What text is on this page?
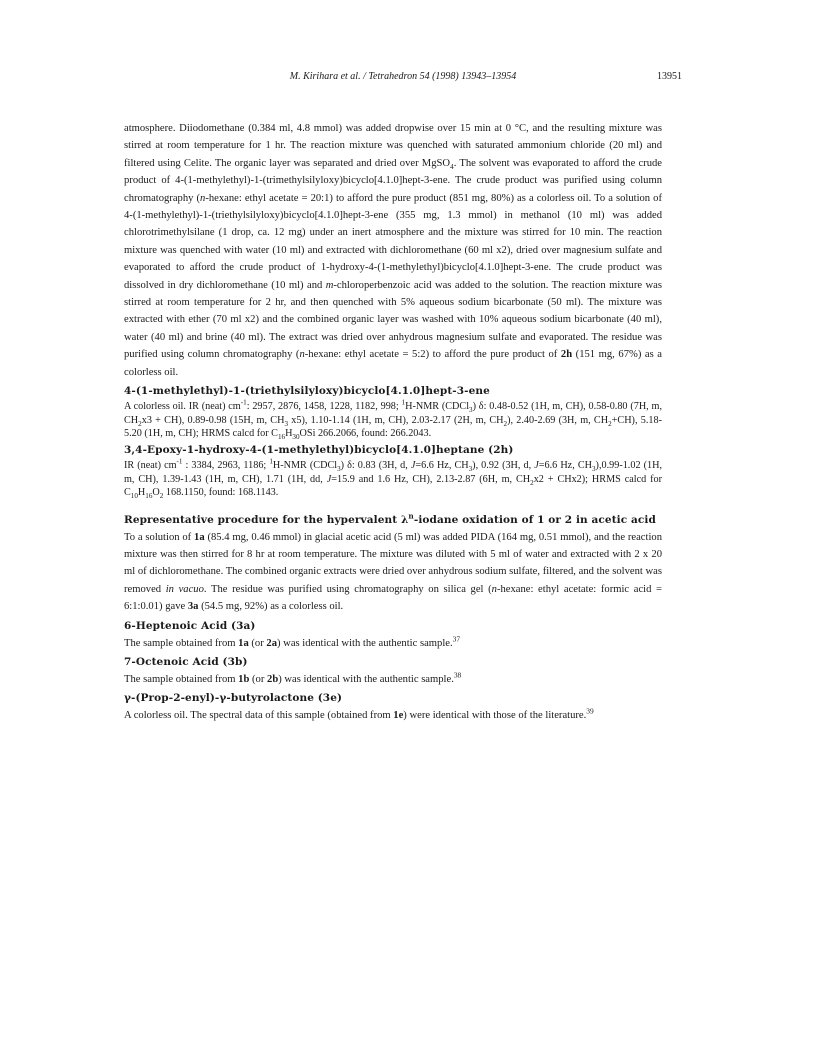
M. Kirihara et al. / Tetrahedron 54 (1998) 13943–13954	13951

atmosphere. Diiodomethane (0.384 ml, 4.8 mmol) was added dropwise over 15 min at 0 °C, and the resulting mixture was stirred at room temperature for 1 hr. The reaction mixture was quenched with saturated ammonium chloride (20 ml) and filtered using Celite. The organic layer was separated and dried over MgSO$_4$. The solvent was evaporated to afford the crude product of 4-(1-methylethyl)-1-(trimethylsilyloxy)bicyclo[4.1.0]hept-3-ene. The crude product was purified using column chromatography (n-hexane: ethyl acetate = 20:1) to afford the pure product (851 mg, 80%) as a colorless oil. To a solution of 4-(1-methylethyl)-1-(triethylsilyloxy)bicyclo[4.1.0]hept-3-ene (355 mg, 1.3 mmol) in methanol (10 ml) was added chlorotrimethylsilane (1 drop, ca. 12 mg) under an inert atmosphere and the mixture was stirred for 10 min. The reaction mixture was quenched with water (10 ml) and extracted with dichloromethane (60 ml x2), dried over magnesium sulfate and evaporated to afford the crude product of 1-hydroxy-4-(1-methylethyl)bicyclo[4.1.0]hept-3-ene. The crude product was dissolved in dry dichloromethane (10 ml) and m-chloroperbenzoic acid was added to the solution. The reaction mixture was stirred at room temperature for 2 hr, and then quenched with 5% aqueous sodium bicarbonate (50 ml). The mixture was extracted with ether (70 ml x2) and the combined organic layer was washed with 10% aqueous sodium bicarbonate (40 ml), water (40 ml) and brine (40 ml). The extract was dried over anhydrous magnesium sulfate and evaporated. The residue was purified using column chromatography (n-hexane: ethyl acetate = 5:2) to afford the pure product of 2h (151 mg, 67%) as a colorless oil.

4-(1-methylethyl)-1-(triethylsilyloxy)bicyclo[4.1.0]hept-3-ene

A colorless oil. IR (neat) $cm^{-1}$: 2957, 2876, 1458, 1228, 1182, 998; $^1$H-NMR (CDCl$_3$) δ: 0.48-0.52 (1H, m, CH), 0.58-0.80 (7H, m, $CH_2x3 + CH$), 0.89-0.98 (15H, m, $CH_3$ x5), 1.10-1.14 (1H, m, CH), 2.03-2.17 (2H, m, $CH_2$), 2.40-2.69 (3H, m, $CH_2+CH$), 5.18-5.20 (1H, m, CH); HRMS calcd for $C_{16}H_{30}OSi$ 266.2066, found: 266.2043.

3,4-Epoxy-1-hydroxy-4-(1-methylethyl)bicyclo[4.1.0]heptane (2h)

IR (neat) $cm^{-1}$ : 3384, 2963, 1186; $^1$H-NMR (CDCl$_3$) δ: 0.83 (3H, d, J=6.6 Hz, $CH_3$), 0.92 (3H, d, J=6.6 Hz, $CH_3),0.99-1.02$ (1H, m, CH), 1.39-1.43 (1H, m, CH), 1.71 (1H, dd, J=15.9 and 1.6 Hz, CH), 2.13-2.87 (6H, m, $CH_2x2 + CHx2$); HRMS calcd for $C_{10}H_{16}O_2$ 168.1150, found: 168.1143.

Representative procedure for the hypervalent $\lambda^n$-iodane oxidation of 1 or 2 in acetic acid

To a solution of 1a (85.4 mg, 0.46 mmol) in glacial acetic acid (5 ml) was added PIDA (164 mg, 0.51 mmol), and the reaction mixture was then stirred for 8 hr at room temperature. The mixture was diluted with 5 ml of water and extracted with 2 x 20 ml of dichloromethane. The combined organic extracts were dried over anhydrous sodium sulfate, filtered, and the solvent was removed in vacuo. The residue was purified using chromatography on silica gel (n-hexane: ethyl acetate: formic acid = 6:1:0.01) gave 3a (54.5 mg, 92%) as a colorless oil.

6-Heptenoic Acid (3a)

The sample obtained from 1a (or 2a) was identical with the authentic sample.$^{37}$

7-Octenoic Acid (3b)

The sample obtained from 1b (or 2b) was identical with the authentic sample.$^{38}$

γ-(Prop-2-enyl)-γ-butyrolactone (3e)

A colorless oil. The spectral data of this sample (obtained from 1e) were identical with those of the literature.$^{39}$
